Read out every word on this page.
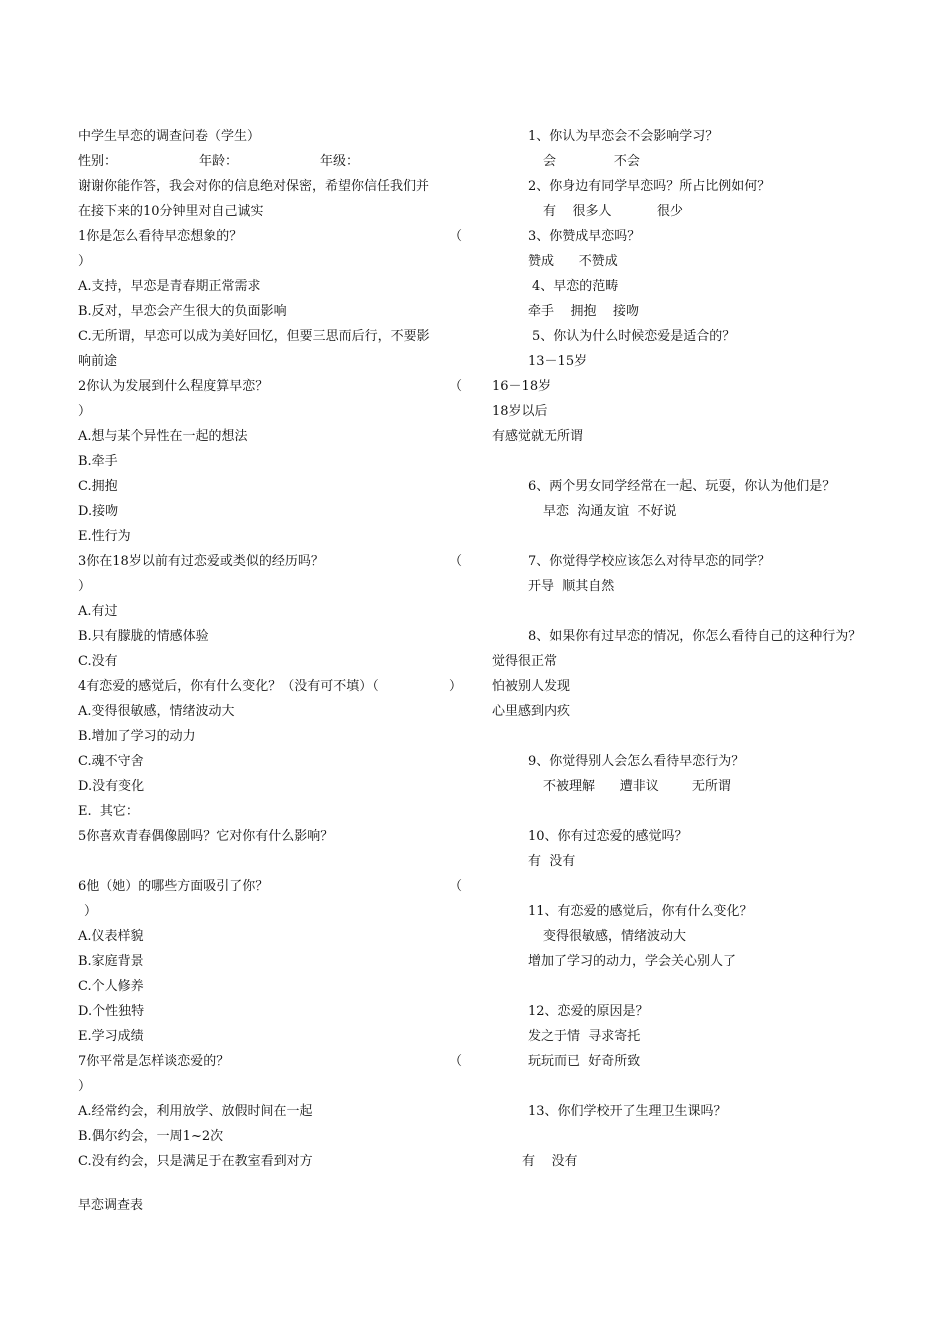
中学生早恋的调查问卷（学生）
性别：	年龄：	年级：
谢谢你能作答，我会对你的信息绝对保密，希望你信任我们并
在接下来的10分钟里对自己诚实
1你是怎么看待早恋想象的？	（
）
A.支持，早恋是青春期正常需求
B.反对，早恋会产生很大的负面影响
C.无所谓，早恋可以成为美好回忆，但要三思而后行，不要影
响前途
2你认为发展到什么程度算早恋？	（
）
A.想与某个异性在一起的想法
B.牵手
C.拥抱
D.接吻
E.性行为
3你在18岁以前有过恋爱或类似的经历吗？	（
）
A.有过
B.只有朦胧的情感体验
C.没有
4有恋爱的感觉后，你有什么变化？（没有可不填）（	）
A.变得很敏感，情绪波动大
B.增加了学习的动力
C.魂不守舍
D.没有变化
E.  其它：
5你喜欢青春偶像剧吗？它对你有什么影响？
6他（她）的哪些方面吸引了你？	（
）
A.仪表样貌
B.家庭背景
C.个人修养
D.个性独特
E.学习成绩
7你平常是怎样谈恋爱的？	（
）
A.经常约会，利用放学、放假时间在一起
B.偶尔约会，一周1~2次
C.没有约会，只是满足于在教室看到对方
1、你认为早恋会不会影响学习？
会              不会
2、你身边有同学早恋吗？所占比例如何？
有    很多人           很少
3、你赞成早恋吗？
赞成      不赞成
4、早恋的范畴
牵手    拥抱    接吻
5、你认为什么时候恋爱是适合的？
13－15岁
16－18岁
18岁以后
有感觉就无所谓
6、两个男女同学经常在一起、玩耍，你认为他们是？
早恋  沟通友谊  不好说
7、你觉得学校应该怎么对待早恋的同学？
开导  顺其自然
8、如果你有过早恋的情况，你怎么看待自己的这种行为？
觉得很正常
怕被别人发现
心里感到内疚
9、你觉得别人会怎么看待早恋行为？
不被理解      遭非议        无所谓
10、你有过恋爱的感觉吗？
有  没有
11、有恋爱的感觉后，你有什么变化？
变得很敏感，情绪波动大
增加了学习的动力，学会关心别人了
12、恋爱的原因是？
发之于情  寻求寄托
玩玩而已  好奇所致
13、你们学校开了生理卫生课吗？
有    没有
早恋调查表
